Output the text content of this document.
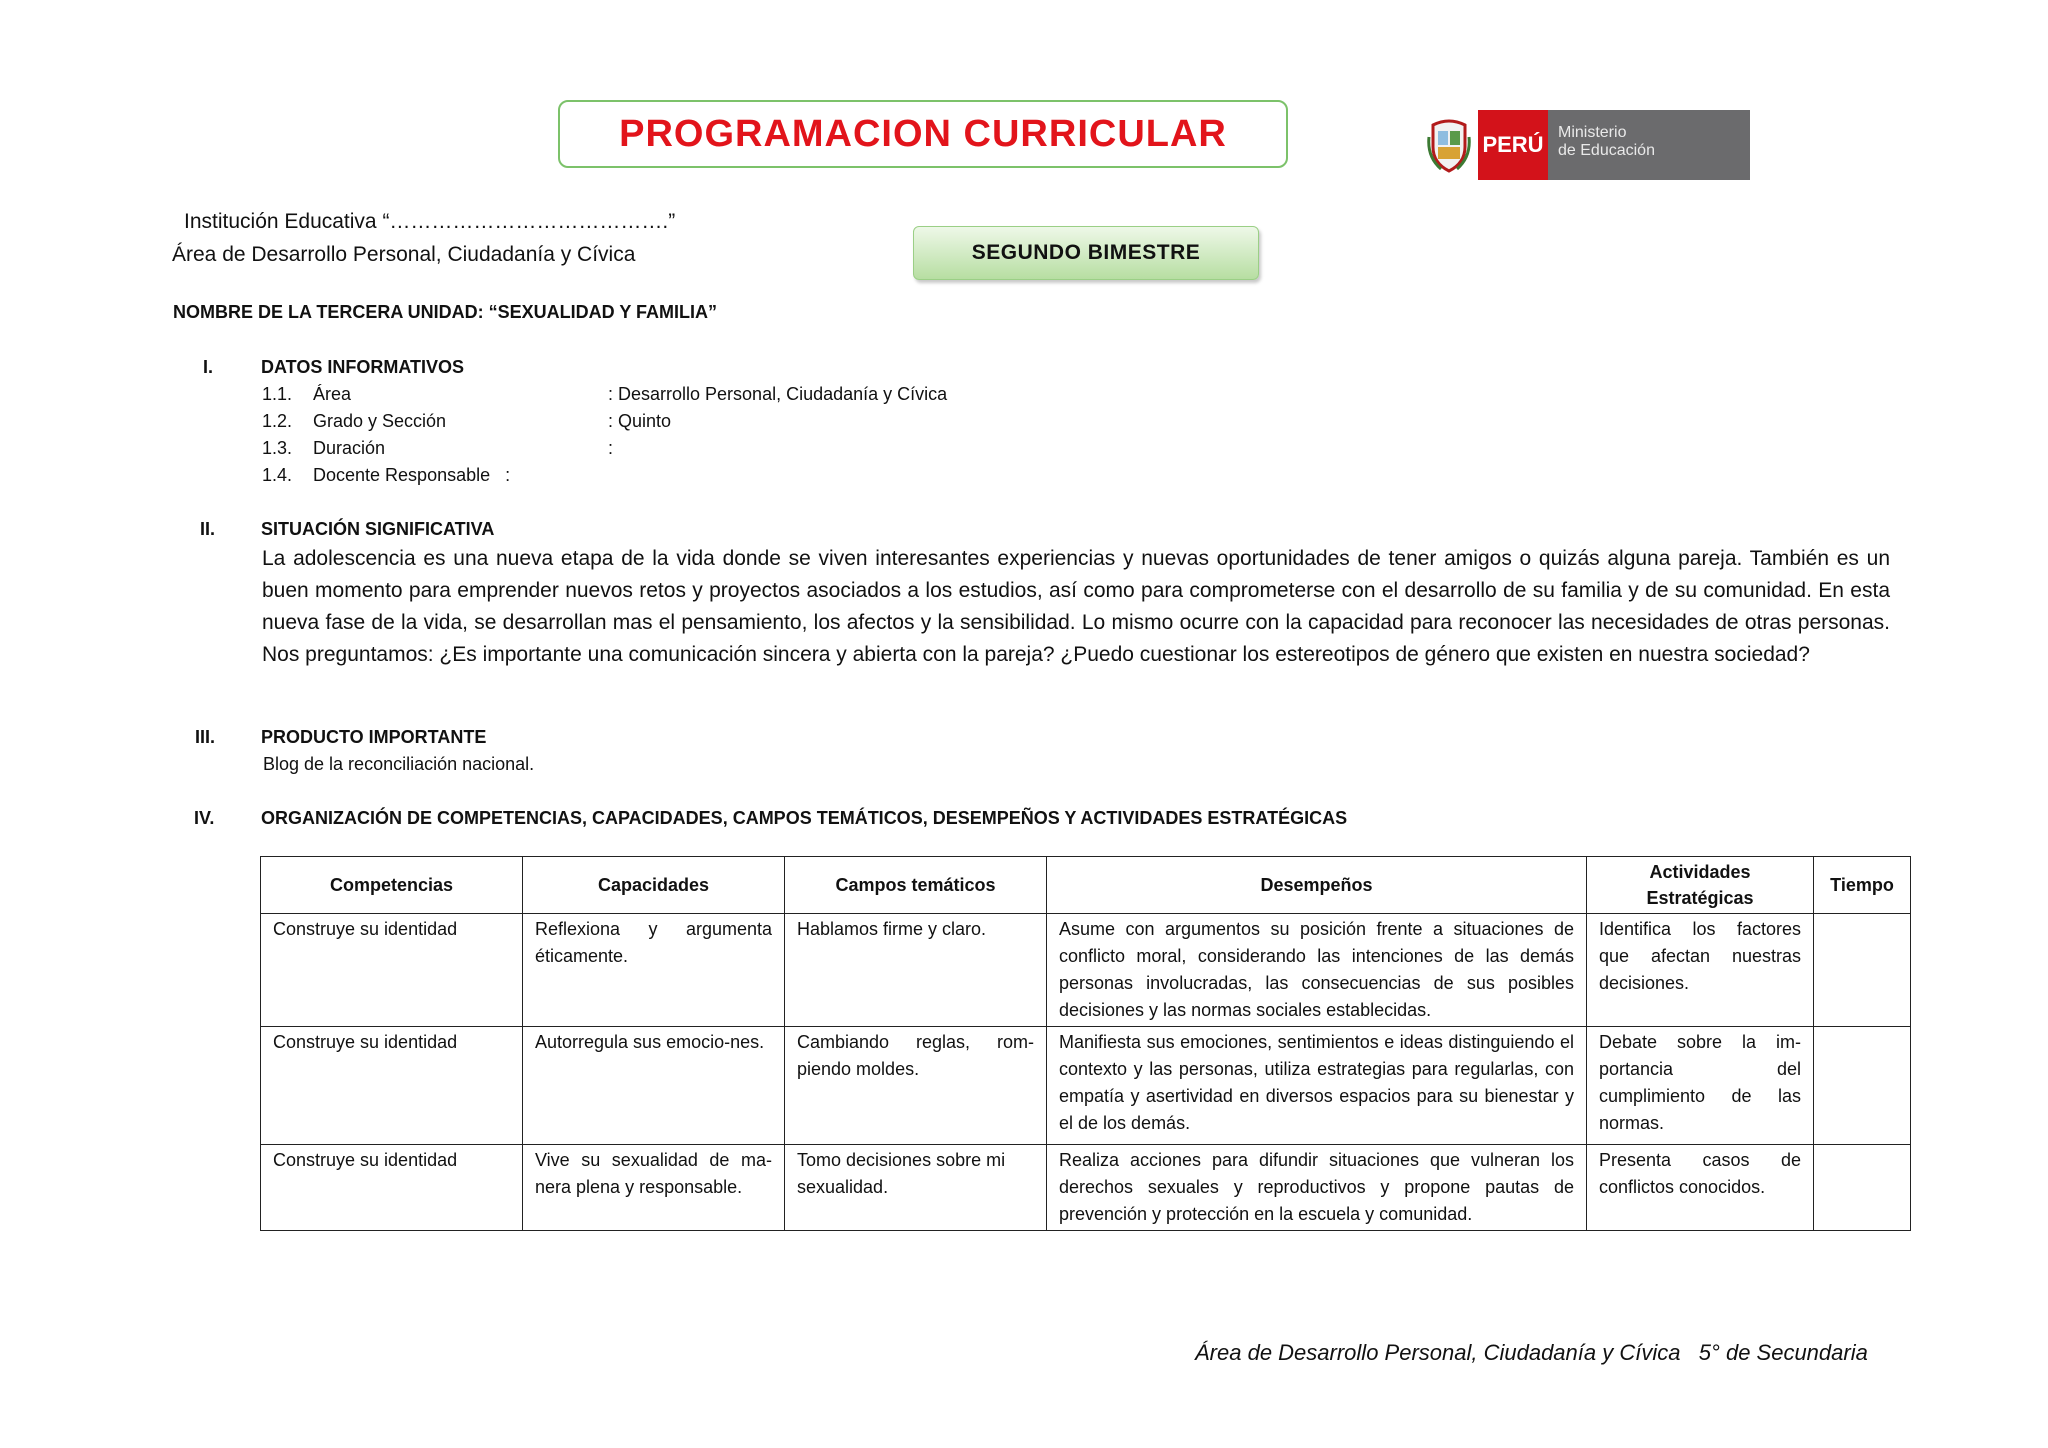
PROGRAMACION CURRICULAR	PERÚ Ministerio
de Educación
Institución Educativa “………………………………….”
Área de Desarrollo Personal, Ciudadanía y Cívica	SEGUNDO BIMESTRE
NOMBRE DE LA TERCERA UNIDAD: “SEXUALIDAD Y FAMILIA”
I.	DATOS INFORMATIVOS
1.1. Área	: Desarrollo Personal, Ciudadanía y Cívica
1.2. Grado y Sección	: Quinto
1.3. Duración	:
1.4. Docente Responsable   :
II.	SITUACIÓN SIGNIFICATIVA
La adolescencia es una nueva etapa de la vida donde se viven interesantes experiencias y nuevas oportunidades de tener amigos o quizás alguna pareja. También es un buen momento para emprender nuevos retos y proyectos asociados a los estudios, así como para comprometerse con el desarrollo de su familia y de su comunidad. En esta nueva fase de la vida, se desarrollan mas el pensamiento, los afectos y la sensibilidad. Lo mismo ocurre con la capacidad para reconocer las necesidades de otras personas. Nos preguntamos: ¿Es importante una comunicación sincera y abierta con la pareja? ¿Puedo cuestionar los estereotipos de género que existen en nuestra sociedad?
III.	PRODUCTO IMPORTANTE
Blog de la reconciliación nacional.
IV.	ORGANIZACIÓN DE COMPETENCIAS, CAPACIDADES, CAMPOS TEMÁTICOS, DESEMPEÑOS Y ACTIVIDADES ESTRATÉGICAS
Competencias	Capacidades	Campos temáticos	Desempeños	Actividades Estratégicas	Tiempo
Construye su identidad	Reflexiona y argumenta éticamente.	Hablamos firme y claro.	Asume con argumentos su posición frente a situaciones de conflicto moral, considerando las intenciones de las demás personas involucradas, las consecuencias de sus posibles decisiones y las normas sociales establecidas.	Identifica los factores que afectan nuestras decisiones.	
Construye su identidad	Autorregula sus emocio-nes.	Cambiando reglas, rom-piendo moldes.	Manifiesta sus emociones, sentimientos e ideas distinguiendo el contexto y las personas, utiliza estrategias para regularlas, con empatía y asertividad en diversos espacios para su bienestar y el de los demás.	Debate sobre la im-portancia del cumplimiento de las normas.	
Construye su identidad	Vive su sexualidad de ma-nera plena y responsable.	Tomo decisiones sobre mi sexualidad.	Realiza acciones para difundir situaciones que vulneran los derechos sexuales y reproductivos y propone pautas de prevención y protección en la escuela y comunidad.	Presenta casos de conflictos conocidos.	
Área de Desarrollo Personal, Ciudadanía y Cívica   5° de Secundaria
